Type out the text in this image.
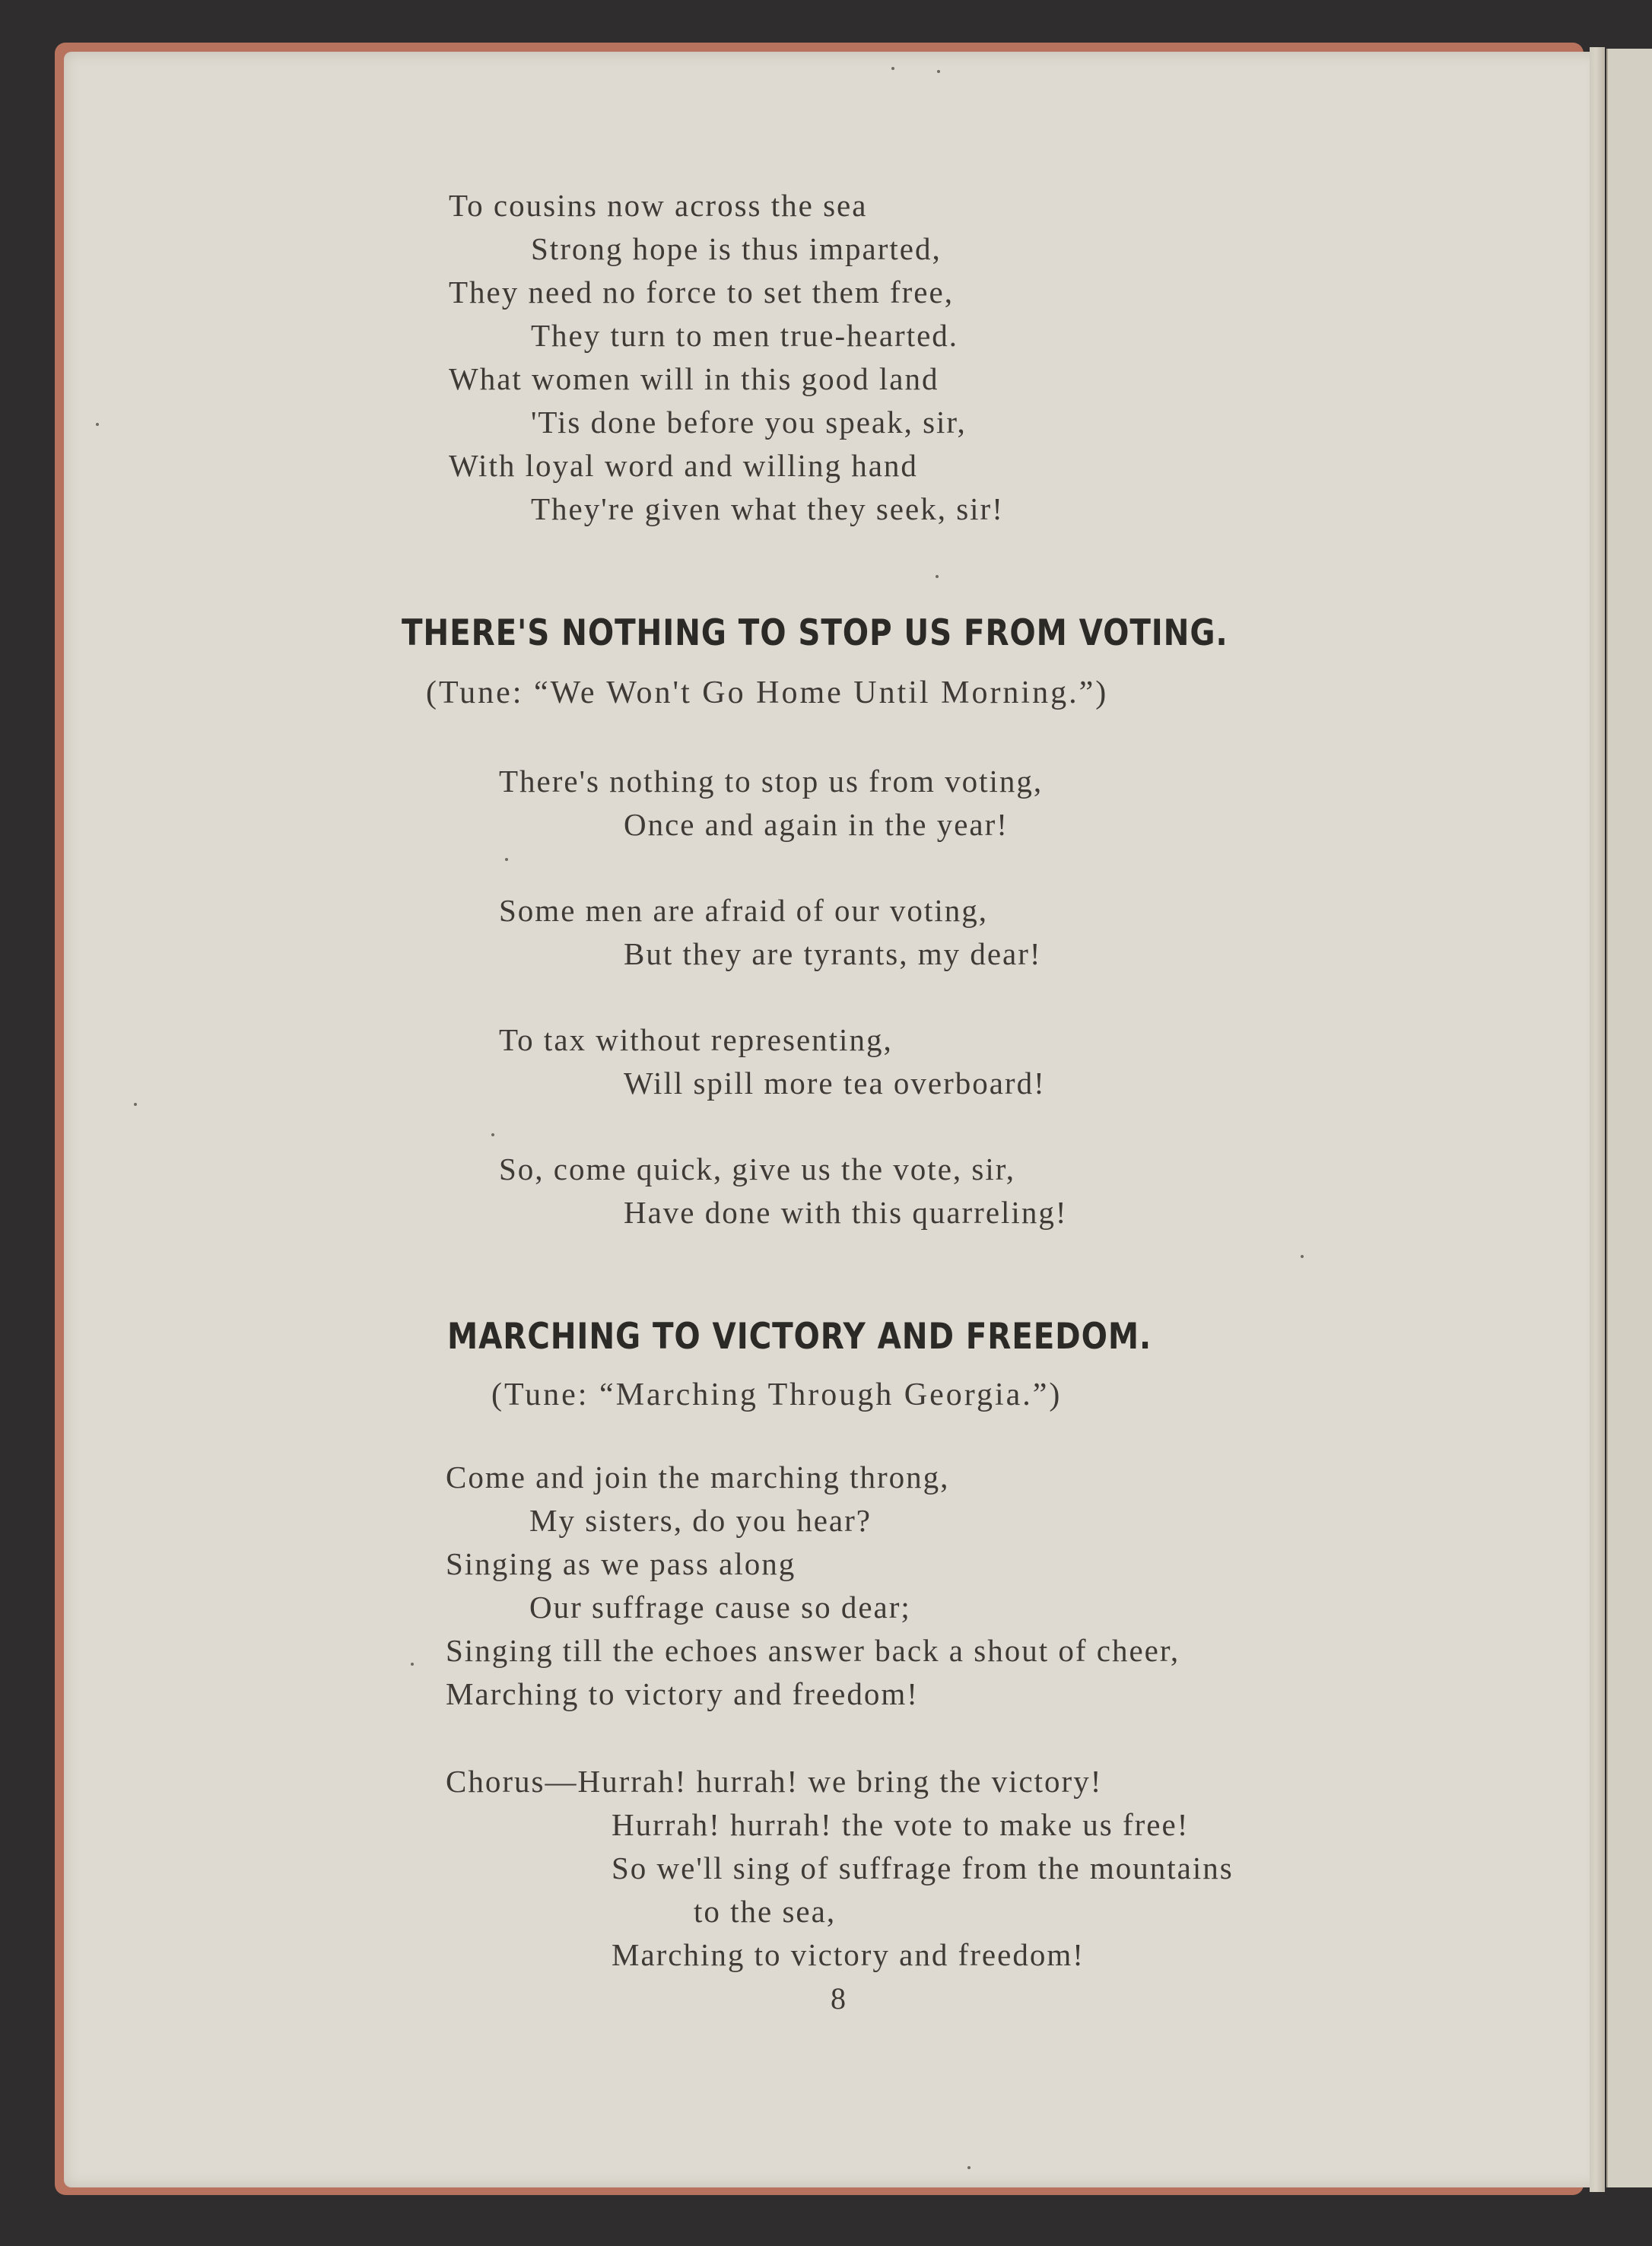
To cousins now across the sea
Strong hope is thus imparted,
They need no force to set them free,
They turn to men true-hearted.
What women will in this good land
'Tis done before you speak, sir,
With loyal word and willing hand
They're given what they seek, sir!
THERE'S NOTHING TO STOP US FROM VOTING.
(Tune: “We Won't Go Home Until Morning.”)
There's nothing to stop us from voting,
Once and again in the year!
Some men are afraid of our voting,
But they are tyrants, my dear!
To tax without representing,
Will spill more tea overboard!
So, come quick, give us the vote, sir,
Have done with this quarreling!
MARCHING TO VICTORY AND FREEDOM.
(Tune: “Marching Through Georgia.”)
Come and join the marching throng,
My sisters, do you hear?
Singing as we pass along
Our suffrage cause so dear;
Singing till the echoes answer back a shout of cheer,
Marching to victory and freedom!
Chorus—Hurrah! hurrah! we bring the victory!
Hurrah! hurrah! the vote to make us free!
So we'll sing of suffrage from the mountains
to the sea,
Marching to victory and freedom!
8
